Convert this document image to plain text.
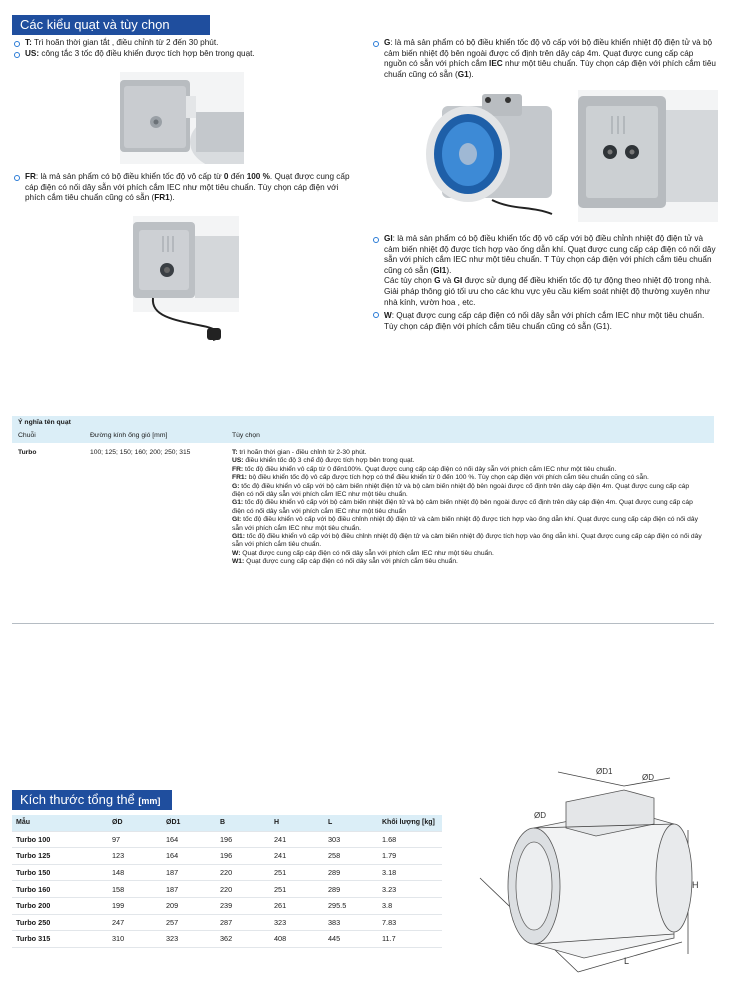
Các kiểu quạt và tùy chọn

T: Trì hoãn thời gian tắt , điều chỉnh từ 2 đến 30 phút.

US: công tắc 3 tốc độ điều khiển được tích hợp bên trong quạt.

FR: là mả sản phẩm có bộ điều khiển tốc độ vô cấp từ 0 đến 100 %. Quạt được cung cấp cáp điện có nối dây sẵn với phích cắm IEC như một tiêu chuẩn. Tùy chọn cáp điện với phích cắm tiêu chuẩn cũng có sẵn (FR1).

G: là mả sản phẩm có bộ điều khiển tốc độ vô cấp với bộ điều khiển nhiệt độ điện tử và bộ cảm biến nhiệt độ bên ngoài được cố định trên dây cáp 4m. Quạt được cung cấp cáp nguồn có sẵn với phích cắm IEC như một tiêu chuẩn. Tùy chọn cáp điện với phích cắm tiêu chuẩn cũng có sẵn (G1).

GI: là mả sản phẩm có bộ điều khiển tốc độ vô cấp với bộ điều chỉnh nhiệt độ điện tử và cảm biến nhiệt độ được tích hợp vào ống dẫn khí. Quạt được cung cấp cáp điện có nối dây sẵn với phích cắm IEC như một tiêu chuẩn. T Tùy chọn cáp điện với phích cắm tiêu chuẩn cũng có sẵn (GI1).
Các tùy chọn G và GI được sử dụng để điều khiển tốc độ tự động theo nhiệt độ trong nhà. Giải pháp thông gió tối ưu cho các khu vực yêu cầu kiểm soát nhiệt độ thường xuyên như nhà kính, vườn hoa , etc.

W: Quạt được cung cấp cáp điện có nối dây sẵn với phích cắm IEC như một tiêu chuẩn. Tùy chọn cáp điện với phích cắm tiêu chuẩn cũng có sẵn (G1).

Ý nghĩa tên quạt
Chuỗi	Đường kính ống gió [mm]	Tùy chọn
Turbo	100; 125; 150; 160; 200; 250; 315	T: trì hoãn thời gian - điều chỉnh từ 2-30 phút.
US: điều khiển tốc độ 3 chế độ được tích hợp bên trong quạt.
FR: tốc độ điều khiển vô cấp từ 0 đến100%. Quạt được cung cấp cáp điện có nối dây sẵn với phích cắm IEC như một tiêu chuẩn.
FR1: bộ điều khiển tốc độ vô cấp được tích hợp có thể điều khiển từ 0 đến 100 %. Tùy chọn cáp điện với phích cắm tiêu chuẩn cũng có sẵn.
G: tốc độ điều khiển vô cấp với bộ cảm biến nhiệt điện tử và bộ cảm biến nhiệt độ bên ngoài được cố định trên dây cáp điện 4m. Quạt được cung cấp cáp điện có nối dây sẵn với phích cắm IEC như một tiêu chuẩn.
G1: tốc độ điều khiển vô cấp với bộ cảm biến nhiệt điện tử và bộ cảm biến nhiệt độ bên ngoài được cố định trên dây cáp điện 4m. Quạt được cung cấp cáp điện có nối dây sẵn với phích cắm IEC như một tiêu chuẩn
GI: tốc độ điều khiển vô cấp với bộ điều chỉnh nhiệt độ điện tử và cảm biến nhiệt độ được tích hợp vào ống dẫn khí. Quạt được cung cấp cáp điện có nối dây sẵn với phích cắm IEC như một tiêu chuẩn.
GI1: tốc độ điều khiển vô cấp với bộ điều chỉnh nhiệt độ điện tử và cảm biến nhiệt độ được tích hợp vào ống dẫn khí. Quạt được cung cấp cáp điện có nối dây sẵn với phích cắm tiêu chuẩn.
W: Quạt được cung cấp cáp điện có nối dây sẵn với phích cắm IEC như một tiêu chuẩn.
W1: Quạt được cung cấp cáp điện có nối dây sẵn với phích cắm tiêu chuẩn.
Kích thước tổng thể [mm]
Mẫu	ØD	ØD1	B	H	L	Khối lượng [kg]
Turbo 100	97	164	196	241	303	1.68
Turbo 125	123	164	196	241	258	1.79
Turbo 150	148	187	220	251	289	3.18
Turbo 160	158	187	220	251	289	3.23
Turbo 200	199	209	239	261	295.5	3.8
Turbo 250	247	257	287	323	383	7.83
Turbo 315	310	323	362	408	445	11.7
ØD1
ØD
ØD
H
L
